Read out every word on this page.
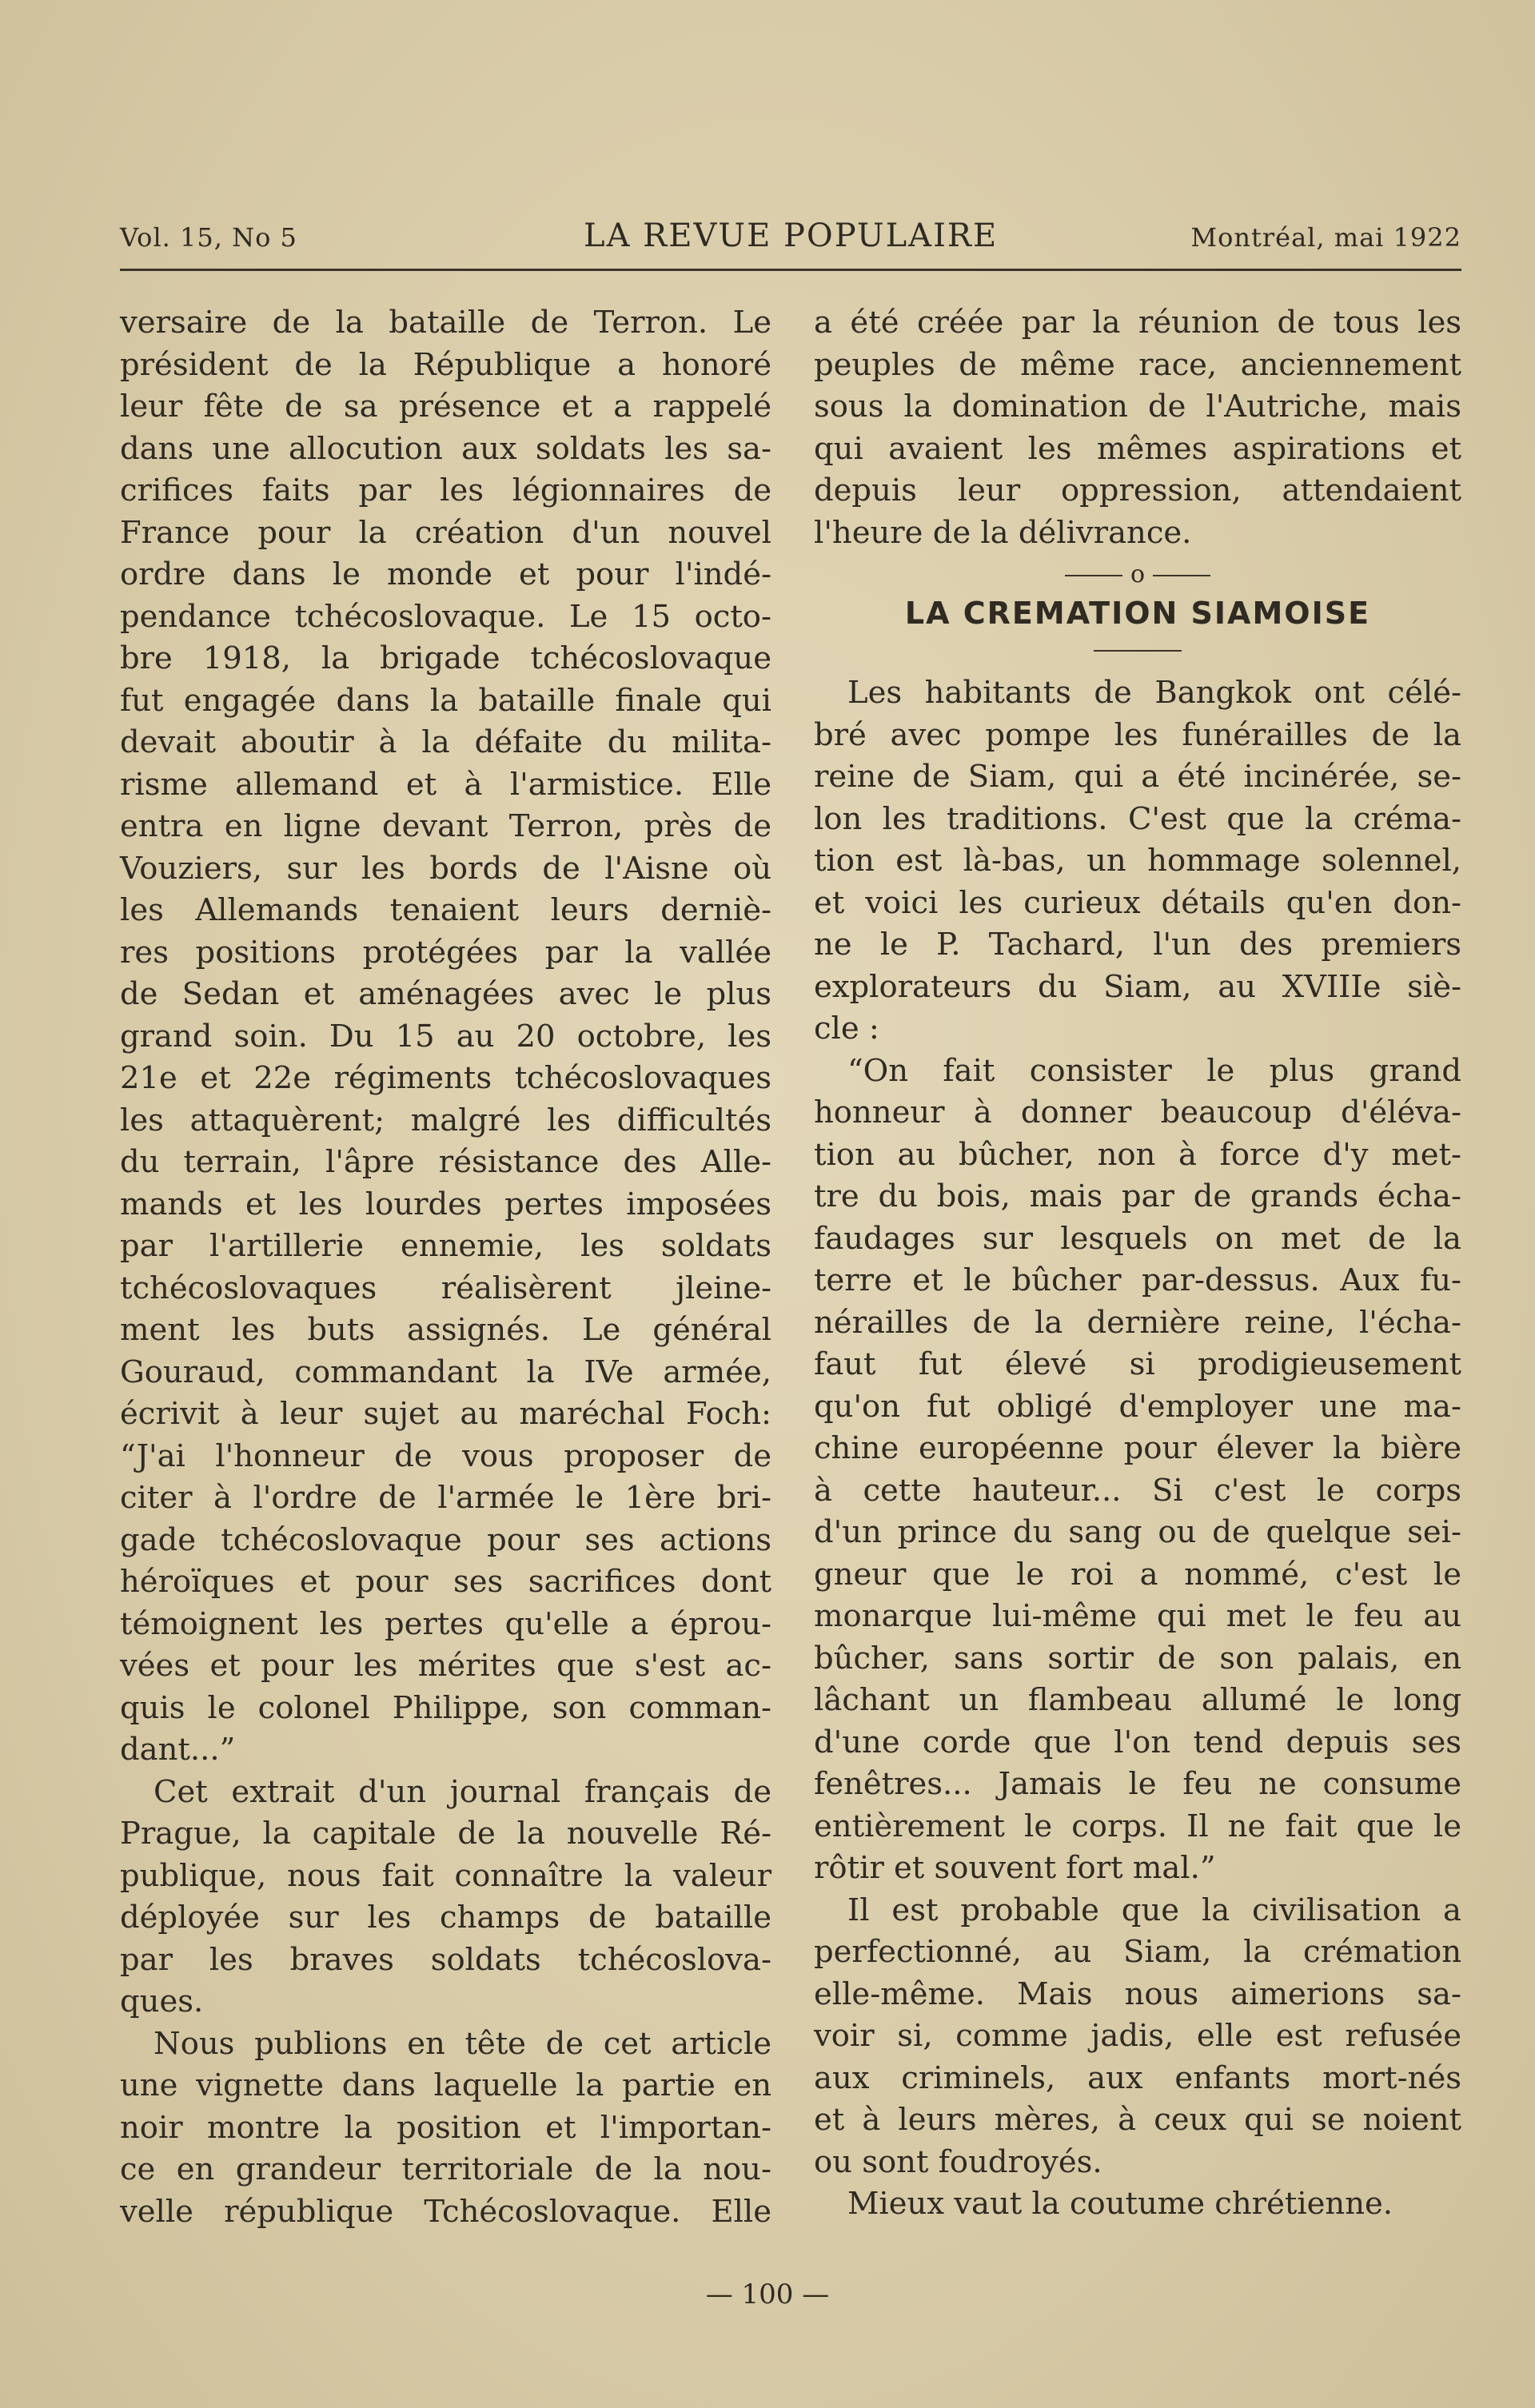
Vol. 15, No 5	LA REVUE POPULAIRE	Montréal, mai 1922
versaire de la bataille de Terron. Le
président de la République a honoré
leur fête de sa présence et a rappelé
dans une allocution aux soldats les sa-
crifices faits par les légionnaires de
France pour la création d'un nouvel
ordre dans le monde et pour l'indé-
pendance tchécoslovaque. Le 15 octo-
bre 1918, la brigade tchécoslovaque
fut engagée dans la bataille finale qui
devait aboutir à la défaite du milita-
risme allemand et à l'armistice. Elle
entra en ligne devant Terron, près de
Vouziers, sur les bords de l'Aisne où
les Allemands tenaient leurs derniè-
res positions protégées par la vallée
de Sedan et aménagées avec le plus
grand soin. Du 15 au 20 octobre, les
21e et 22e régiments tchécoslovaques
les attaquèrent; malgré les difficultés
du terrain, l'âpre résistance des Alle-
mands et les lourdes pertes imposées
par l'artillerie ennemie, les soldats
tchécoslovaques réalisèrent jleine-
ment les buts assignés. Le général
Gouraud, commandant la IVe armée,
écrivit à leur sujet au maréchal Foch:
“J'ai l'honneur de vous proposer de
citer à l'ordre de l'armée le 1ère bri-
gade tchécoslovaque pour ses actions
héroïques et pour ses sacrifices dont
témoignent les pertes qu'elle a éprou-
vées et pour les mérites que s'est ac-
quis le colonel Philippe, son comman-
dant...”
Cet extrait d'un journal français de
Prague, la capitale de la nouvelle Ré-
publique, nous fait connaître la valeur
déployée sur les champs de bataille
par les braves soldats tchécoslova-
ques.
Nous publions en tête de cet article
une vignette dans laquelle la partie en
noir montre la position et l'importan-
ce en grandeur territoriale de la nou-
velle république Tchécoslovaque. Elle
a été créée par la réunion de tous les
peuples de même race, anciennement
sous la domination de l'Autriche, mais
qui avaient les mêmes aspirations et
depuis leur oppression, attendaient
l'heure de la délivrance.
o
LA CREMATION SIAMOISE
Les habitants de Bangkok ont célé-
bré avec pompe les funérailles de la
reine de Siam, qui a été incinérée, se-
lon les traditions. C'est que la créma-
tion est là-bas, un hommage solennel,
et voici les curieux détails qu'en don-
ne le P. Tachard, l'un des premiers
explorateurs du Siam, au XVIIIe siè-
cle :
“On fait consister le plus grand
honneur à donner beaucoup d'éléva-
tion au bûcher, non à force d'y met-
tre du bois, mais par de grands écha-
faudages sur lesquels on met de la
terre et le bûcher par-dessus. Aux fu-
nérailles de la dernière reine, l'écha-
faut fut élevé si prodigieusement
qu'on fut obligé d'employer une ma-
chine européenne pour élever la bière
à cette hauteur... Si c'est le corps
d'un prince du sang ou de quelque sei-
gneur que le roi a nommé, c'est le
monarque lui-même qui met le feu au
bûcher, sans sortir de son palais, en
lâchant un flambeau allumé le long
d'une corde que l'on tend depuis ses
fenêtres... Jamais le feu ne consume
entièrement le corps. Il ne fait que le
rôtir et souvent fort mal.”
Il est probable que la civilisation a
perfectionné, au Siam, la crémation
elle-même. Mais nous aimerions sa-
voir si, comme jadis, elle est refusée
aux criminels, aux enfants mort-nés
et à leurs mères, à ceux qui se noient
ou sont foudroyés.
Mieux vaut la coutume chrétienne.
— 100 —
